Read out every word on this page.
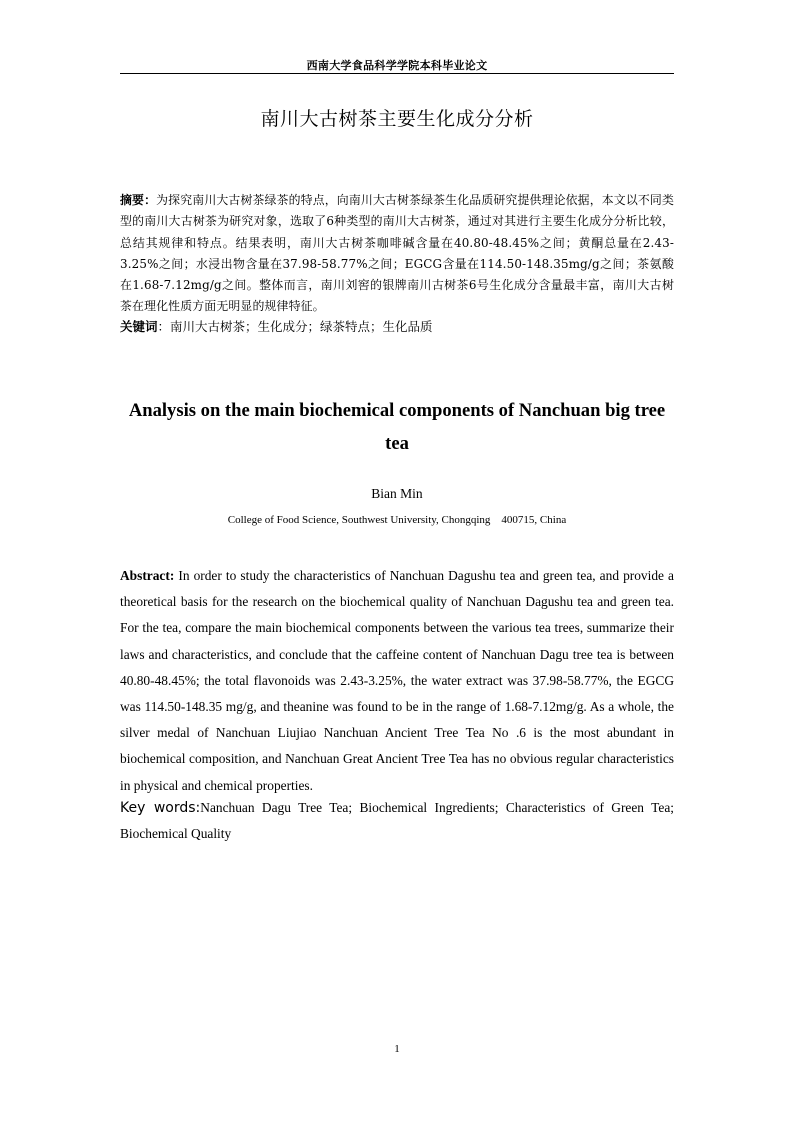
西南大学食品科学学院本科毕业论文
南川大古树茶主要生化成分分析
摘要：为探究南川大古树茶绿茶的特点，向南川大古树茶绿茶生化品质研究提供理论依据，本文以不同类型的南川大古树茶为研究对象，选取了6种类型的南川大古树茶，通过对其进行主要生化成分分析比较，总结其规律和特点。结果表明，南川大古树茶咖啡碱含量在40.80-48.45%之间；黄酮总量在2.43-3.25%之间；水浸出物含量在37.98-58.77%之间；EGCG含量在114.50-148.35mg/g之间；茶氨酸在1.68-7.12mg/g之间。整体而言，南川刘窖的银牌南川古树茶6号生化成分含量最丰富，南川大古树茶在理化性质方面无明显的规律特征。
关键词：南川大古树茶；生化成分；绿茶特点；生化品质
Analysis on the main biochemical components of Nanchuan big tree tea
Bian Min
College of Food Science, Southwest University, Chongqing    400715, China
Abstract: In order to study the characteristics of Nanchuan Dagushu tea and green tea, and provide a theoretical basis for the research on the biochemical quality of Nanchuan Dagushu tea and green tea. For the tea, compare the main biochemical components between the various tea trees, summarize their laws and characteristics, and conclude that the caffeine content of Nanchuan Dagu tree tea is between 40.80-48.45%; the total flavonoids was 2.43-3.25%, the water extract was 37.98-58.77%, the EGCG was 114.50-148.35 mg/g, and theanine was found to be in the range of 1.68-7.12mg/g. As a whole, the silver medal of Nanchuan Liujiao Nanchuan Ancient Tree Tea No .6 is the most abundant in biochemical composition, and Nanchuan Great Ancient Tree Tea has no obvious regular characteristics in physical and chemical properties.
Key words:Nanchuan Dagu Tree Tea; Biochemical Ingredients; Characteristics of Green Tea; Biochemical Quality
1
